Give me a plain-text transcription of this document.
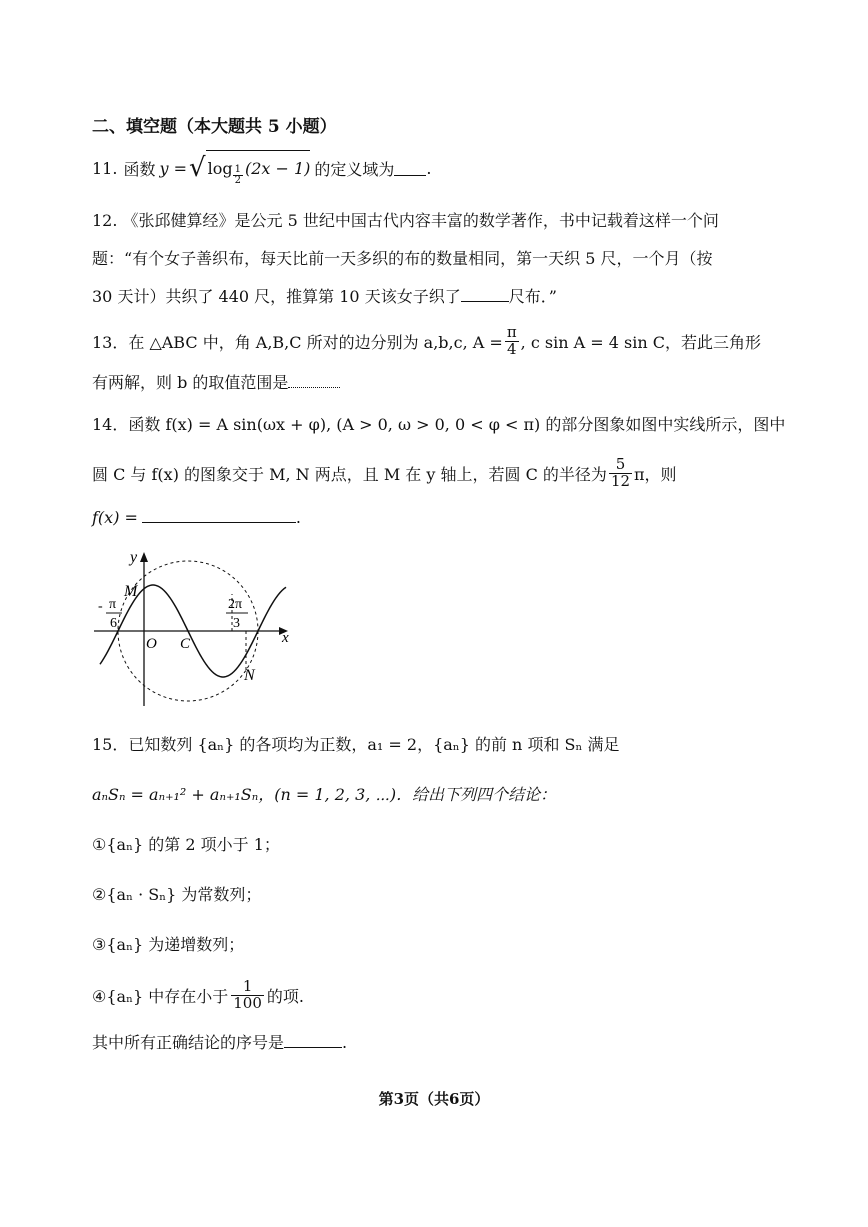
二、填空题（本大题共 5 小题）
11. 函数 y = √ $\log \frac{1}{2} (2x - 1)$ 的定义域为 .
12. 《张邱健算经》是公元 5 世纪中国古代内容丰富的数学著作，书中记载着这样一个问
题：“有个女子善织布，每天比前一天多织的布的数量相同，第一天织 5 尺，一个月（按
30 天计）共织了 440 尺，推算第 10 天该女子织了	尺布．”
13．在 △ABC 中，角 A,B,C 所对的边分别为 a,b,c, $A = \frac{\pi}{4}$ , c sin A = 4 sin C，若此三角形
有两解，则 b 的取值范围是
14．函数 f(x) = A sin(ωx + φ), (A > 0, ω > 0, 0 < φ < π) 的部分图象如图中实线所示，图中
圆 C 与 f(x) 的图象交于 M, N 两点，且 M 在 y 轴上，若圆 C 的半径为 $\frac{5}{12}$ π，则
f(x) =	.
y
x
M
N
O C
- π
6
2π
3
15．已知数列 {aₙ} 的各项均为正数，a₁ = 2，{aₙ} 的前 n 项和 Sₙ 满足
aₙSₙ = aₙ₊₁² + aₙ₊₁Sₙ，(n = 1, 2, 3, ⋯)．给出下列四个结论：
①{aₙ} 的第 2 项小于 1；
②{aₙ · Sₙ} 为常数列；
③{aₙ} 为递增数列；
④{aₙ} 中存在小于 $\frac{1}{100}$ 的项.
其中所有正确结论的序号是	.
第3页（共6页）
